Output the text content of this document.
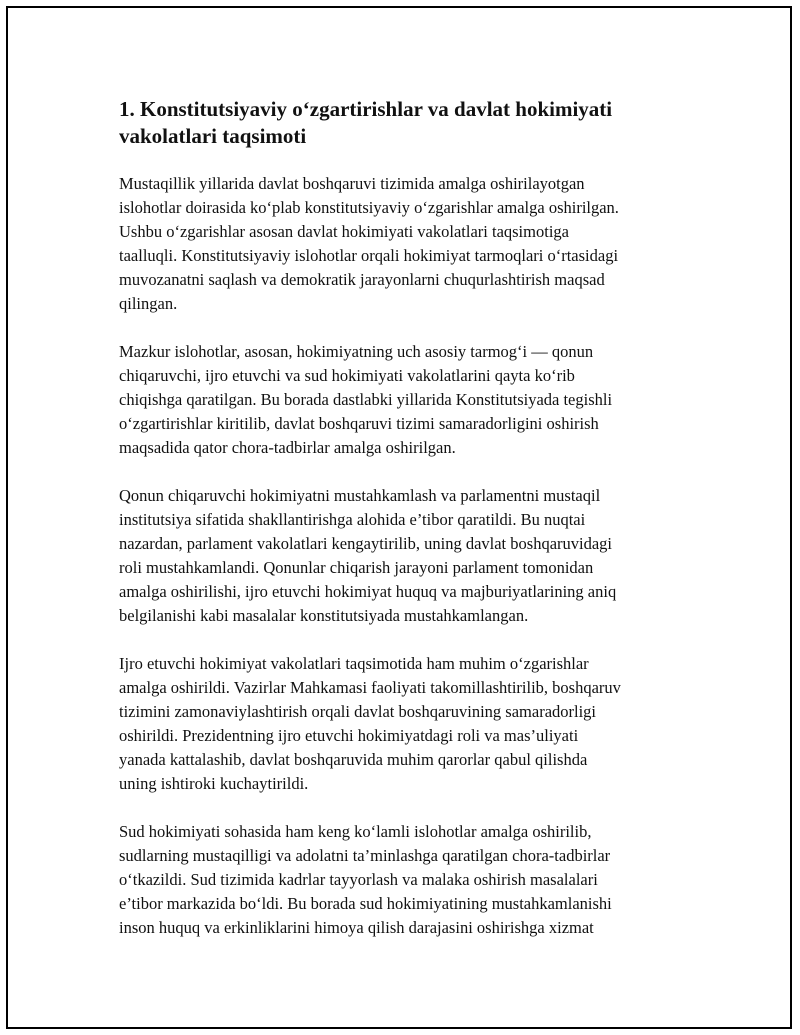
1. Konstitutsiyaviy o‘zgartirishlar va davlat hokimiyati
vakolatlari taqsimoti

Mustaqillik yillarida davlat boshqaruvi tizimida amalga oshirilayotgan
islohotlar doirasida ko‘plab konstitutsiyaviy o‘zgarishlar amalga oshirilgan.
Ushbu o‘zgarishlar asosan davlat hokimiyati vakolatlari taqsimotiga
taalluqli. Konstitutsiyaviy islohotlar orqali hokimiyat tarmoqlari o‘rtasidagi
muvozanatni saqlash va demokratik jarayonlarni chuqurlashtirish maqsad
qilingan.

Mazkur islohotlar, asosan, hokimiyatning uch asosiy tarmog‘i — qonun
chiqaruvchi, ijro etuvchi va sud hokimiyati vakolatlarini qayta ko‘rib
chiqishga qaratilgan. Bu borada dastlabki yillarida Konstitutsiyada tegishli
o‘zgartirishlar kiritilib, davlat boshqaruvi tizimi samaradorligini oshirish
maqsadida qator chora-tadbirlar amalga oshirilgan.

Qonun chiqaruvchi hokimiyatni mustahkamlash va parlamentni mustaqil
institutsiya sifatida shakllantirishga alohida e’tibor qaratildi. Bu nuqtai
nazardan, parlament vakolatlari kengaytirilib, uning davlat boshqaruvidagi
roli mustahkamlandi. Qonunlar chiqarish jarayoni parlament tomonidan
amalga oshirilishi, ijro etuvchi hokimiyat huquq va majburiyatlarining aniq
belgilanishi kabi masalalar konstitutsiyada mustahkamlangan.

Ijro etuvchi hokimiyat vakolatlari taqsimotida ham muhim o‘zgarishlar
amalga oshirildi. Vazirlar Mahkamasi faoliyati takomillashtirilib, boshqaruv
tizimini zamonaviylashtirish orqali davlat boshqaruvining samaradorligi
oshirildi. Prezidentning ijro etuvchi hokimiyatdagi roli va mas’uliyati
yanada kattalashib, davlat boshqaruvida muhim qarorlar qabul qilishda
uning ishtiroki kuchaytirildi.

Sud hokimiyati sohasida ham keng ko‘lamli islohotlar amalga oshirilib,
sudlarning mustaqilligi va adolatni ta’minlashga qaratilgan chora-tadbirlar
o‘tkazildi. Sud tizimida kadrlar tayyorlash va malaka oshirish masalalari
e’tibor markazida bo‘ldi. Bu borada sud hokimiyatining mustahkamlanishi
inson huquq va erkinliklarini himoya qilish darajasini oshirishga xizmat
